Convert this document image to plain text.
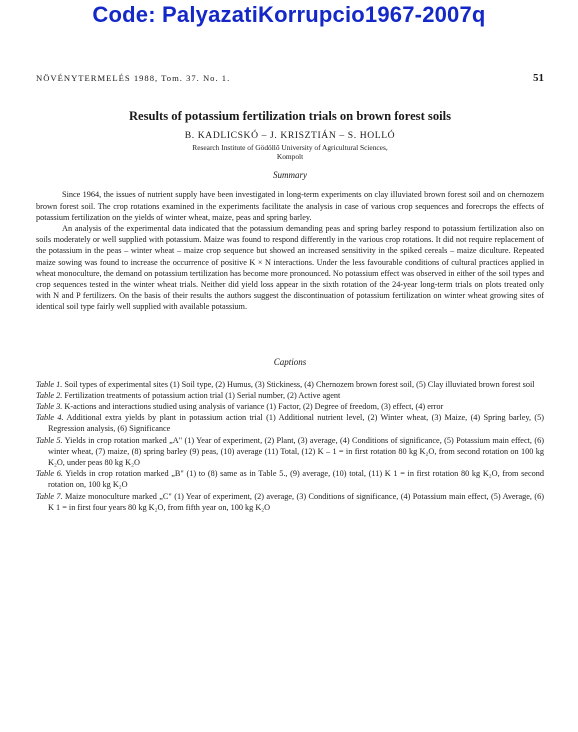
Code: PalyazatiKorrupcio1967-2007q
NÖVÉNYTERMELÉS 1988, Tom. 37. No. 1.	51
Results of potassium fertilization trials on brown forest soils
B. KADLICSKÓ – J. KRISZTIÁN – S. HOLLÓ
Research Institute of Gödöllő University of Agricultural Sciences,
Kompolt
Summary

Since 1964, the issues of nutrient supply have been investigated in long-term experiments on clay illuviated brown forest soil and on chernozem brown forest soil. The crop rotations examined in the experiments facilitate the analysis in case of various crop sequences and forecrops the effects of potassium fertilization on the yields of winter wheat, maize, peas and spring barley.

An analysis of the experimental data indicated that the potassium demanding peas and spring barley respond to potassium fertilization also on soils moderately or well supplied with potassium. Maize was found to respond differently in the various crop rotations. It did not require replacement of the potassium in the peas – winter wheat – maize crop sequence but showed an increased sensitivity in the spiked cereals – maize diculture. Repeated maize sowing was found to increase the occurrence of positive K × N interactions. Under the less favourable conditions of cultural practices applied in wheat monoculture, the demand on potassium tertilization has become more pronounced. No potassium effect was observed in either of the soil types and crop sequences tested in the winter wheat trials. Neither did yield loss appear in the sixth rotation of the 24-year long-term trials on plots treated only with N and P fertilizers. On the basis of their results the authors suggest the discontinuation of potassium fertilization on winter wheat growing sites of identical soil type fairly well supplied with available potassium.

Captions

Table 1. Soil types of experimental sites (1) Soil type, (2) Humus, (3) Stickiness, (4) Chernozem brown forest soil, (5) Clay illuviated brown forest soil

Table 2. Fertilization treatments of potassium action trial (1) Serial number, (2) Active agent

Table 3. K-actions and interactions studied using analysis of variance (1) Factor, (2) Degree of freedom, (3) effect, (4) error

Table 4. Additional extra yields by plant in potassium action trial (1) Additional nutrient level, (2) Winter wheat, (3) Maize, (4) Spring barley, (5) Regression analysis, (6) Significance

Table 5. Yields in crop rotation marked „A" (1) Year of experiment, (2) Plant, (3) average, (4) Conditions of significance, (5) Potassium main effect, (6) winter wheat, (7) maize, (8) spring barley (9) peas, (10) average (11) Total, (12) K – 1 = in first rotation 80 kg K₂O, from second rotation on 100 kg K₂O, under peas 80 kg K₂O

Table 6. Yields in crop rotation marked „B" (1) to (8) same as in Table 5., (9) average, (10) total, (11) K 1 = in first rotation 80 kg K₂O, from second rotation on, 100 kg K₂O

Table 7. Maize monoculture marked „C" (1) Year of experiment, (2) average, (3) Conditions of significance, (4) Potassium main effect, (5) Average, (6) K 1 = in first four years 80 kg K₂O, from fifth year on, 100 kg K₂O
